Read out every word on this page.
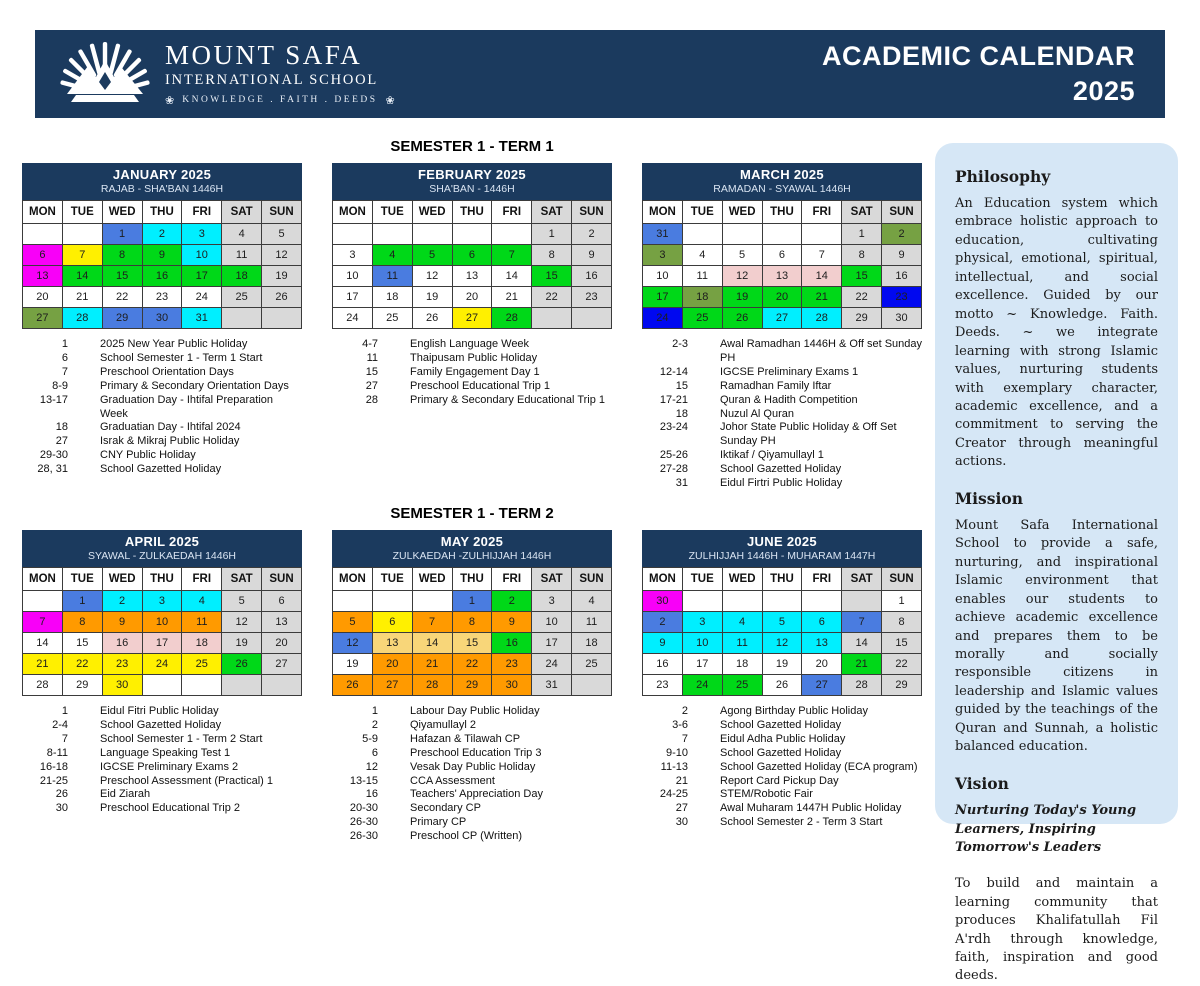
MOUNT SAFA
INTERNATIONAL SCHOOL
❀ KNOWLEDGE . FAITH . DEEDS ❀
ACADEMIC CALENDAR
2025
SEMESTER 1 - TERM 1
JANUARY 2025
RAJAB - SHA'BAN 1446H
MON	TUE	WED	THU	FRI	SAT	SUN
		1	2	3	4	5
6	7	8	9	10	11	12
13	14	15	16	17	18	19
20	21	22	23	24	25	26
27	28	29	30	31		
1	2025 New Year Public Holiday
6	School Semester 1 - Term 1 Start
7	Preschool Orientation Days
8-9	Primary & Secondary Orientation Days
13-17	Graduation Day - Ihtifal Preparation Week
18	Graduatian Day - Ihtifal 2024
27	Israk & Mikraj Public Holiday
29-30	CNY Public Holiday
28, 31	School Gazetted Holiday
FEBRUARY 2025
SHA'BAN - 1446H
MON	TUE	WED	THU	FRI	SAT	SUN
					1	2
3	4	5	6	7	8	9
10	11	12	13	14	15	16
17	18	19	20	21	22	23
24	25	26	27	28		
4-7	English Language Week
11	Thaipusam Public Holiday
15	Family Engagement Day 1
27	Preschool Educational Trip 1
28	Primary & Secondary Educational Trip 1
MARCH 2025
RAMADAN - SYAWAL 1446H
MON	TUE	WED	THU	FRI	SAT	SUN
31					1	2
3	4	5	6	7	8	9
10	11	12	13	14	15	16
17	18	19	20	21	22	23
24	25	26	27	28	29	30
2-3	Awal Ramadhan 1446H & Off set Sunday PH
12-14	IGCSE Preliminary Exams 1
15	Ramadhan Family Iftar
17-21	Quran & Hadith Competition
18	Nuzul Al Quran
23-24	Johor State Public Holiday & Off Set Sunday PH
25-26	Iktikaf / Qiyamullayl 1
27-28	School Gazetted Holiday
31	Eidul Firtri Public Holiday
SEMESTER 1 - TERM 2
APRIL 2025
SYAWAL - ZULKAEDAH 1446H
MON	TUE	WED	THU	FRI	SAT	SUN
	1	2	3	4	5	6
7	8	9	10	11	12	13
14	15	16	17	18	19	20
21	22	23	24	25	26	27
28	29	30				
1	Eidul Fitri Public Holiday
2-4	School Gazetted Holiday
7	School Semester 1 - Term 2 Start
8-11	Language Speaking Test 1
16-18	IGCSE Preliminary Exams 2
21-25	Preschool Assessment (Practical) 1
26	Eid Ziarah
30	Preschool Educational Trip 2
MAY 2025
ZULKAEDAH -ZULHIJJAH 1446H
MON	TUE	WED	THU	FRI	SAT	SUN
			1	2	3	4
5	6	7	8	9	10	11
12	13	14	15	16	17	18
19	20	21	22	23	24	25
26	27	28	29	30	31	
1	Labour Day Public Holiday
2	Qiyamullayl 2
5-9	Hafazan & Tilawah CP
6	Preschool Education Trip 3
12	Vesak Day Public Holiday
13-15	CCA Assessment
16	Teachers' Appreciation Day
20-30	Secondary CP
26-30	Primary CP
26-30	Preschool CP (Written)
JUNE 2025
ZULHIJJAH 1446H - MUHARAM 1447H
MON	TUE	WED	THU	FRI	SAT	SUN
30						1
2	3	4	5	6	7	8
9	10	11	12	13	14	15
16	17	18	19	20	21	22
23	24	25	26	27	28	29
2	Agong Birthday Public Holiday
3-6	School Gazetted Holiday
7	Eidul Adha Public Holiday
9-10	School Gazetted Holiday
11-13	School Gazetted Holiday (ECA program)
21	Report Card Pickup Day
24-25	STEM/Robotic Fair
27	Awal Muharam 1447H Public Holiday
30	School Semester 2 - Term 3 Start
Philosophy
An Education system which embrace holistic approach to education, cultivating physical, emotional, spiritual, intellectual, and social excellence. Guided by our motto ~ Knowledge. Faith. Deeds. ~ we integrate learning with strong Islamic values, nurturing students with exemplary character, academic excellence, and a commitment to serving the Creator through meaningful actions.
Mission
Mount Safa International School to provide a safe, nurturing, and inspirational Islamic environment that enables our students to achieve academic excellence and prepares them to be morally and socially responsible citizens in leadership and Islamic values guided by the teachings of the Quran and Sunnah, a holistic balanced education.
Vision
Nurturing Today's Young Learners, Inspiring Tomorrow's Leaders
To build and maintain a learning community that produces Khalifatullah Fil A'rdh through knowledge, faith, inspiration and good deeds.
